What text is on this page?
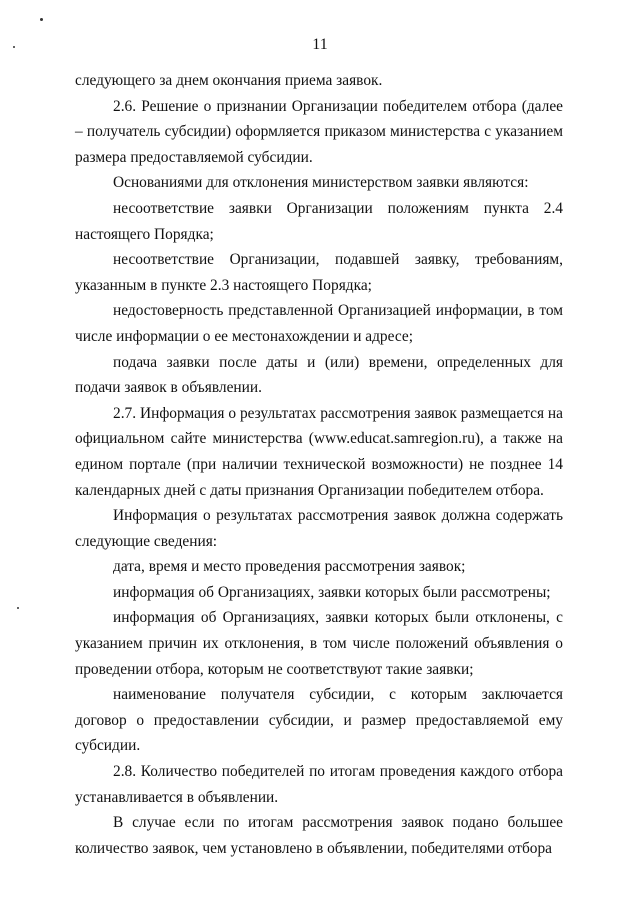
11

следующего за днем окончания приема заявок.

2.6. Решение о признании Организации победителем отбора (далее – получатель субсидии) оформляется приказом министерства с указанием размера предоставляемой субсидии.

Основаниями для отклонения министерством заявки являются:

несоответствие заявки Организации положениям пункта 2.4 настоящего Порядка;

несоответствие Организации, подавшей заявку, требованиям, указанным в пункте 2.3 настоящего Порядка;

недостоверность представленной Организацией информации, в том числе информации о ее местонахождении и адресе;

подача заявки после даты и (или) времени, определенных для подачи заявок в объявлении.

2.7. Информация о результатах рассмотрения заявок размещается на официальном сайте министерства (www.educat.samregion.ru), а также на едином портале (при наличии технической возможности) не позднее 14 календарных дней с даты признания Организации победителем отбора.

Информация о результатах рассмотрения заявок должна содержать следующие сведения:

дата, время и место проведения рассмотрения заявок;

информация об Организациях, заявки которых были рассмотрены;

информация об Организациях, заявки которых были отклонены, с указанием причин их отклонения, в том числе положений объявления о проведении отбора, которым не соответствуют такие заявки;

наименование получателя субсидии, с которым заключается договор о предоставлении субсидии, и размер предоставляемой ему субсидии.

2.8. Количество победителей по итогам проведения каждого отбора устанавливается в объявлении.

В случае если по итогам рассмотрения заявок подано большее количество заявок, чем установлено в объявлении, победителями отбора
